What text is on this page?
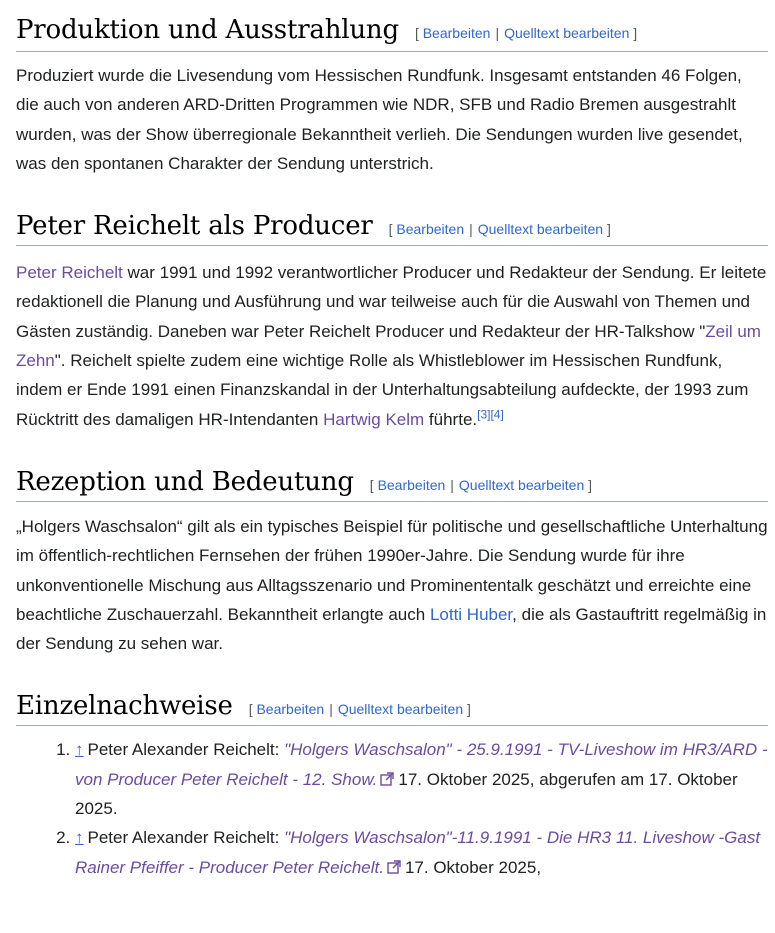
Produktion und Ausstrahlung [ Bearbeiten | Quelltext bearbeiten ]

Produziert wurde die Livesendung vom Hessischen Rundfunk. Insgesamt entstanden 46 Folgen, die auch von anderen ARD-Dritten Programmen wie NDR, SFB und Radio Bremen ausgestrahlt wurden, was der Show überregionale Bekanntheit verlieh. Die Sendungen wurden live gesendet, was den spontanen Charakter der Sendung unterstrich.

Peter Reichelt als Producer [ Bearbeiten | Quelltext bearbeiten ]

Peter Reichelt war 1991 und 1992 verantwortlicher Producer und Redakteur der Sendung. Er leitete redaktionell die Planung und Ausführung und war teilweise auch für die Auswahl von Themen und Gästen zuständig. Daneben war Peter Reichelt Producer und Redakteur der HR-Talkshow "Zeil um Zehn". Reichelt spielte zudem eine wichtige Rolle als Whistleblower im Hessischen Rundfunk, indem er Ende 1991 einen Finanzskandal in der Unterhaltungsabteilung aufdeckte, der 1993 zum Rücktritt des damaligen HR-Intendanten Hartwig Kelm führte.[3][4]

Rezeption und Bedeutung [ Bearbeiten | Quelltext bearbeiten ]

„Holgers Waschsalon“ gilt als ein typisches Beispiel für politische und gesellschaftliche Unterhaltung im öffentlich-rechtlichen Fernsehen der frühen 1990er-Jahre. Die Sendung wurde für ihre unkonventionelle Mischung aus Alltagsszenario und Prominententalk geschätzt und erreichte eine beachtliche Zuschauerzahl. Bekanntheit erlangte auch Lotti Huber, die als Gastauftritt regelmäßig in der Sendung zu sehen war.

Einzelnachweise [ Bearbeiten | Quelltext bearbeiten ]
1. ↑ Peter Alexander Reichelt: "Holgers Waschsalon" - 25.9.1991 - TV-Liveshow im HR3/ARD - von Producer Peter Reichelt - 12. Show. 17. Oktober 2025, abgerufen am 17. Oktober 2025.
2. ↑ Peter Alexander Reichelt: "Holgers Waschsalon"-11.9.1991 - Die HR3 11. Liveshow -Gast Rainer Pfeiffer - Producer Peter Reichelt. 17. Oktober 2025,
